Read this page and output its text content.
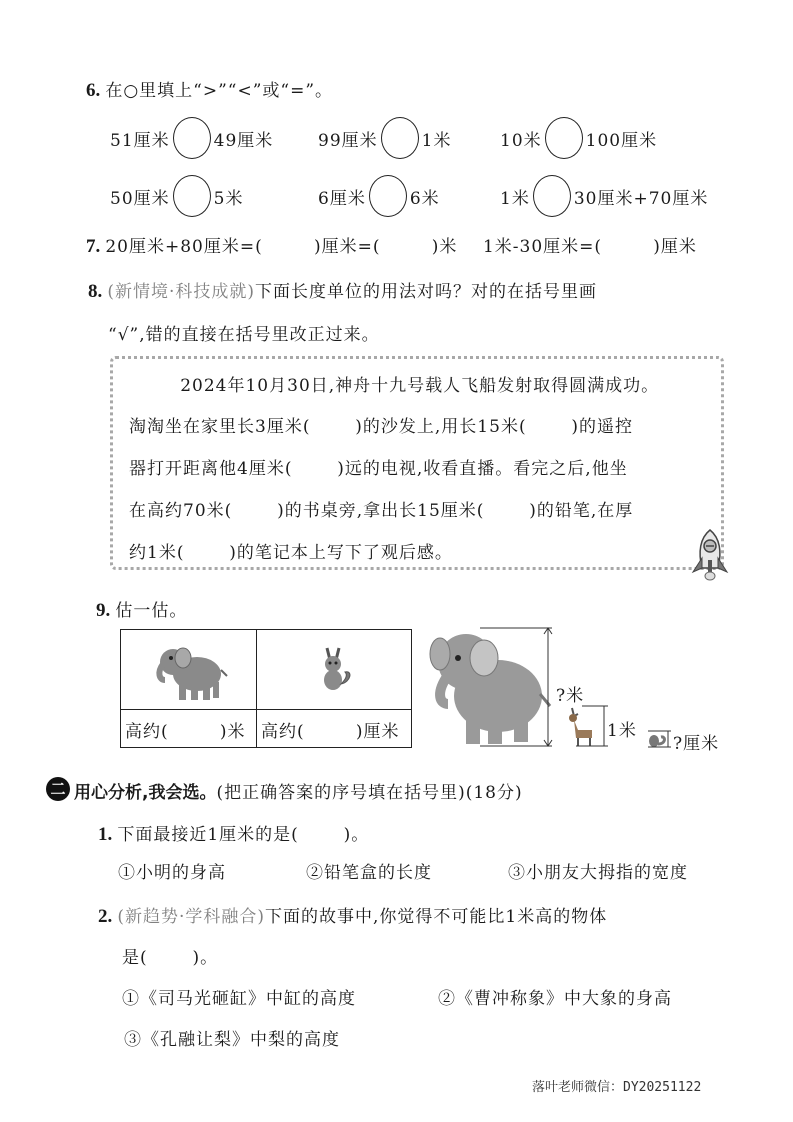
6. 在○里填上“>”“<”或“=”。
51厘米	49厘米	99厘米	1米	10米	100厘米
50厘米	5米	6厘米	6米	1米	30厘米+70厘米
7. 20厘米+80厘米=(        )厘米=(        )米    1米-30厘米=(        )厘米
8. (新情境·科技成就)下面长度单位的用法对吗？对的在括号里画
“√”,错的直接在括号里改正过来。
2024年10月30日,神舟十九号载人飞船发射取得圆满成功。
淘淘坐在家里长3厘米(       )的沙发上,用长15米(       )的遥控
器打开距离他4厘米(       )远的电视,收看直播。看完之后,他坐
在高约70米(       )的书桌旁,拿出长15厘米(       )的铅笔,在厚
约1米(       )的笔记本上写下了观后感。
9. 估一估。
高约(        )米 高约(        )厘米
?米
1米
?厘米
二 用心分析,我会选。(把正确答案的序号填在括号里)(18分)
1. 下面最接近1厘米的是(       )。
①小明的身高	②铅笔盒的长度	③小朋友大拇指的宽度
2. (新趋势·学科融合)下面的故事中,你觉得不可能比1米高的物体
是(       )。
①《司马光砸缸》中缸的高度	②《曹冲称象》中大象的身高
③《孔融让梨》中梨的高度
落叶老师微信：DY20251122
